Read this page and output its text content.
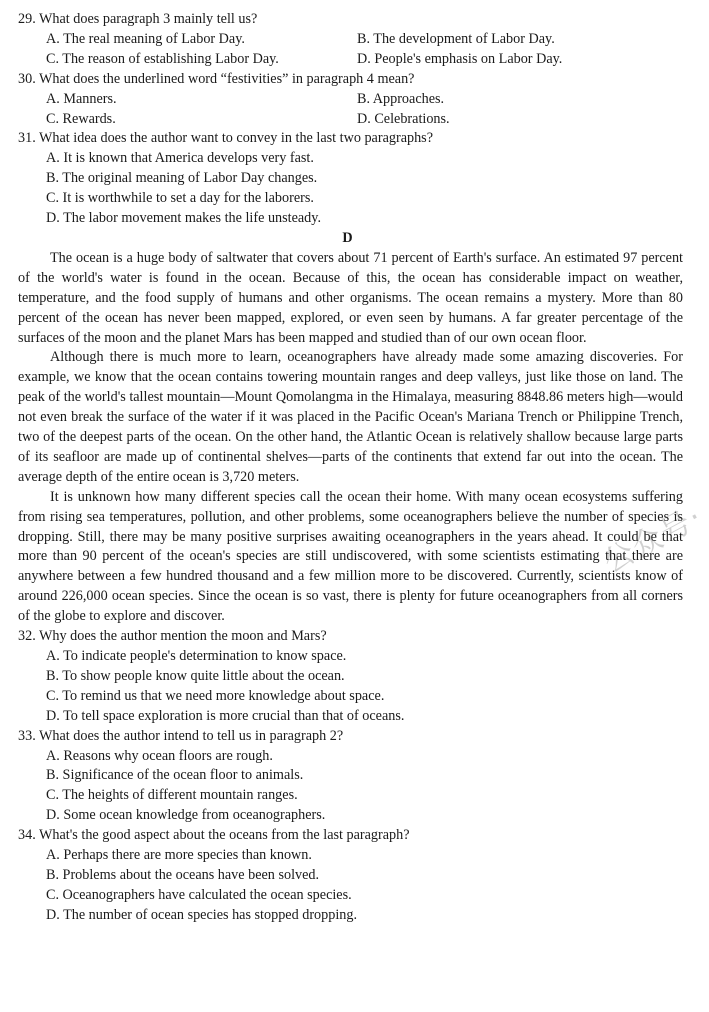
29. What does paragraph 3 mainly tell us?
A. The real meaning of Labor Day.	B. The development of Labor Day.
C. The reason of establishing Labor Day.	D. People's emphasis on Labor Day.
30. What does the underlined word “festivities” in paragraph 4 mean?
A. Manners.	B. Approaches.
C. Rewards.	D. Celebrations.
31. What idea does the author want to convey in the last two paragraphs?
A. It is known that America develops very fast.
B. The original meaning of Labor Day changes.
C. It is worthwhile to set a day for the laborers.
D. The labor movement makes the life unsteady.
D

The ocean is a huge body of saltwater that covers about 71 percent of Earth's surface. An estimated 97 percent of the world's water is found in the ocean. Because of this, the ocean has considerable impact on weather, temperature, and the food supply of humans and other organisms. The ocean remains a mystery. More than 80 percent of the ocean has never been mapped, explored, or even seen by humans. A far greater percentage of the surfaces of the moon and the planet Mars has been mapped and studied than of our own ocean floor.

Although there is much more to learn, oceanographers have already made some amazing discoveries. For example, we know that the ocean contains towering mountain ranges and deep valleys, just like those on land. The peak of the world's tallest mountain—Mount Qomolangma in the Himalaya, measuring 8848.86 meters high—would not even break the surface of the water if it was placed in the Pacific Ocean's Mariana Trench or Philippine Trench, two of the deepest parts of the ocean. On the other hand, the Atlantic Ocean is relatively shallow because large parts of its seafloor are made up of continental shelves—parts of the continents that extend far out into the ocean. The average depth of the entire ocean is 3,720 meters.

It is unknown how many different species call the ocean their home. With many ocean ecosystems suffering from rising sea temperatures, pollution, and other problems, some oceanographers believe the number of species is dropping. Still, there may be many positive surprises awaiting oceanographers in the years ahead. It could be that more than 90 percent of the ocean's species are still undiscovered, with some scientists estimating that there are anywhere between a few hundred thousand and a few million more to be discovered. Currently, scientists know of around 226,000 ocean species. Since the ocean is so vast, there is plenty for future oceanographers from all corners of the globe to explore and discover.

32. Why does the author mention the moon and Mars?
A. To indicate people's determination to know space.
B. To show people know quite little about the ocean.
C. To remind us that we need more knowledge about space.
D. To tell space exploration is more crucial than that of oceans.
33. What does the author intend to tell us in paragraph 2?
A. Reasons why ocean floors are rough.
B. Significance of the ocean floor to animals.
C. The heights of different mountain ranges.
D. Some ocean knowledge from oceanographers.
34. What's the good aspect about the oceans from the last paragraph?
A. Perhaps there are more species than known.
B. Problems about the oceans have been solved.
C. Oceanographers have calculated the ocean species.
D. The number of ocean species has stopped dropping.
公众号·
